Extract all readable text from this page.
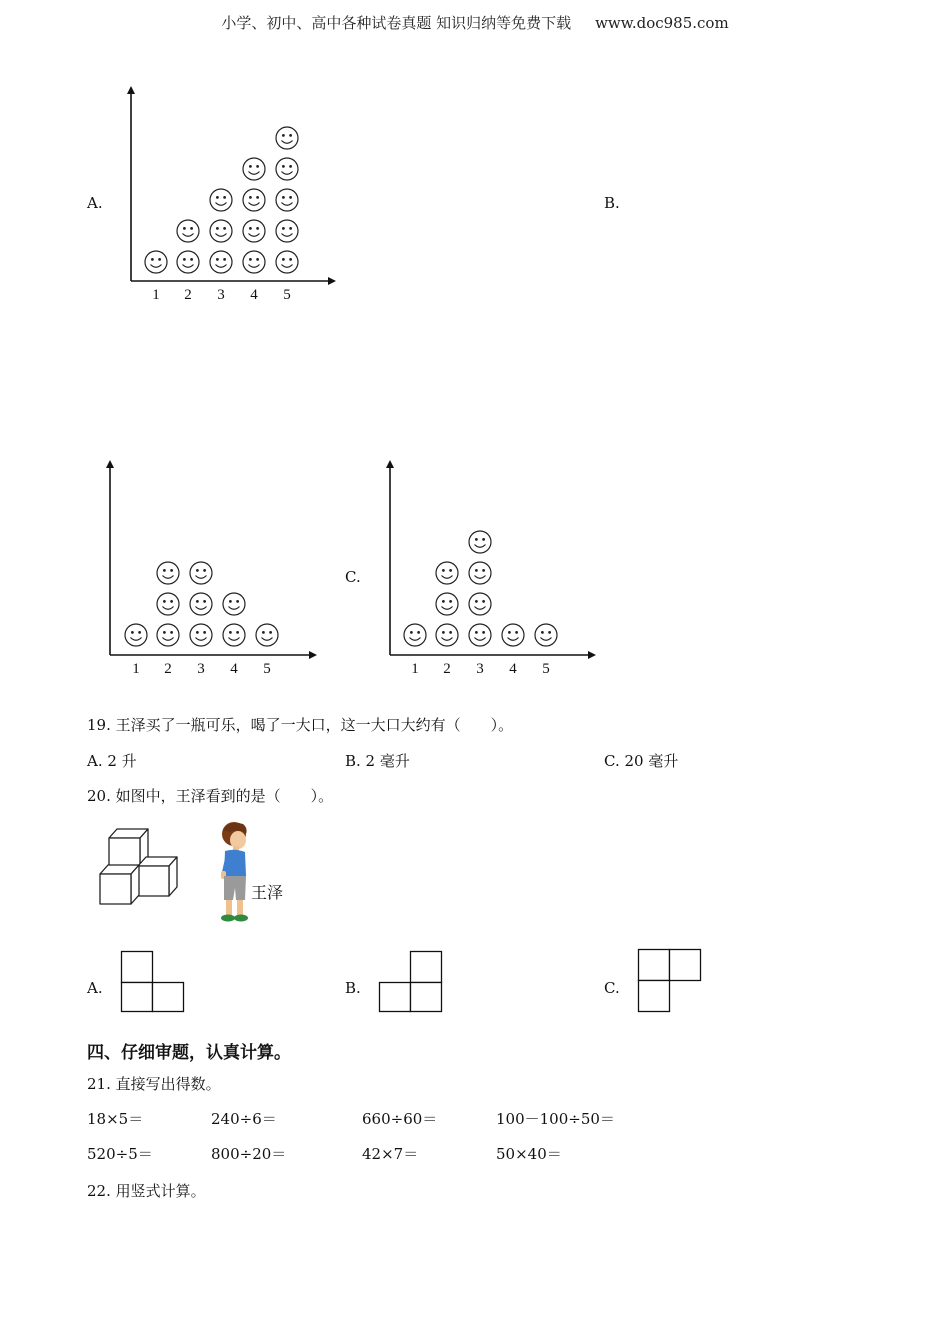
小学、初中、高中各种试卷真题 知识归纳等免费下载 www.doc985.com
A.	B.
C.
1 2 3 4 5
1 2 3 4 5	1 2 3 4 5
19. 王泽买了一瓶可乐，喝了一大口，这一大口大约有（　　）。
A. 2 升	B. 2 毫升	C. 20 毫升
20. 如图中，王泽看到的是（　　）。
王泽
A.	B.	C.
四、仔细审题，认真计算。
21. 直接写出得数。
18×5＝	240÷6＝	660÷60＝	100－100÷50＝
520÷5＝	800÷20＝	42×7＝	50×40＝
22. 用竖式计算。
